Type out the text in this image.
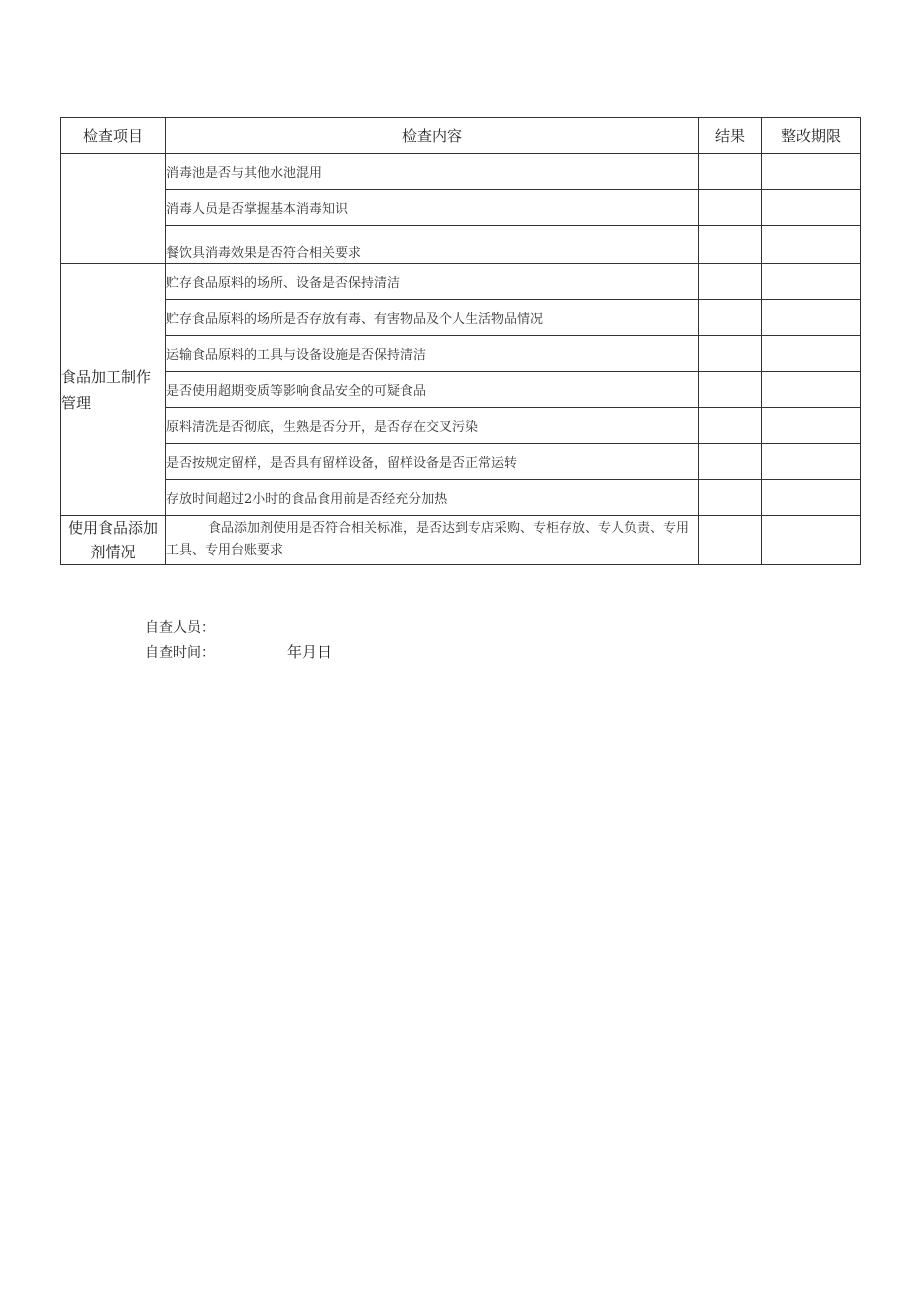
检查项目	检查内容	结果	整改期限
	消毒池是否与其他水池混用		
	消毒人员是否掌握基本消毒知识		
	餐饮具消毒效果是否符合相关要求		
食品加工制作管理	贮存食品原料的场所、设备是否保持清洁		
	贮存食品原料的场所是否存放有毒、有害物品及个人生活物品情况		
	运输食品原料的工具与设备设施是否保持清洁		
	是否使用超期变质等影响食品安全的可疑食品		
	原料清洗是否彻底，生熟是否分开，是否存在交叉污染		
	是否按规定留样，是否具有留样设备，留样设备是否正常运转		
	存放时间超过2小时的食品食用前是否经充分加热		
使用食品添加剂情况	食品添加剂使用是否符合相关标准，是否达到专店采购、专柜存放、专人负责、专用工具、专用台账要求		
自查人员：
自查时间：	年月日
